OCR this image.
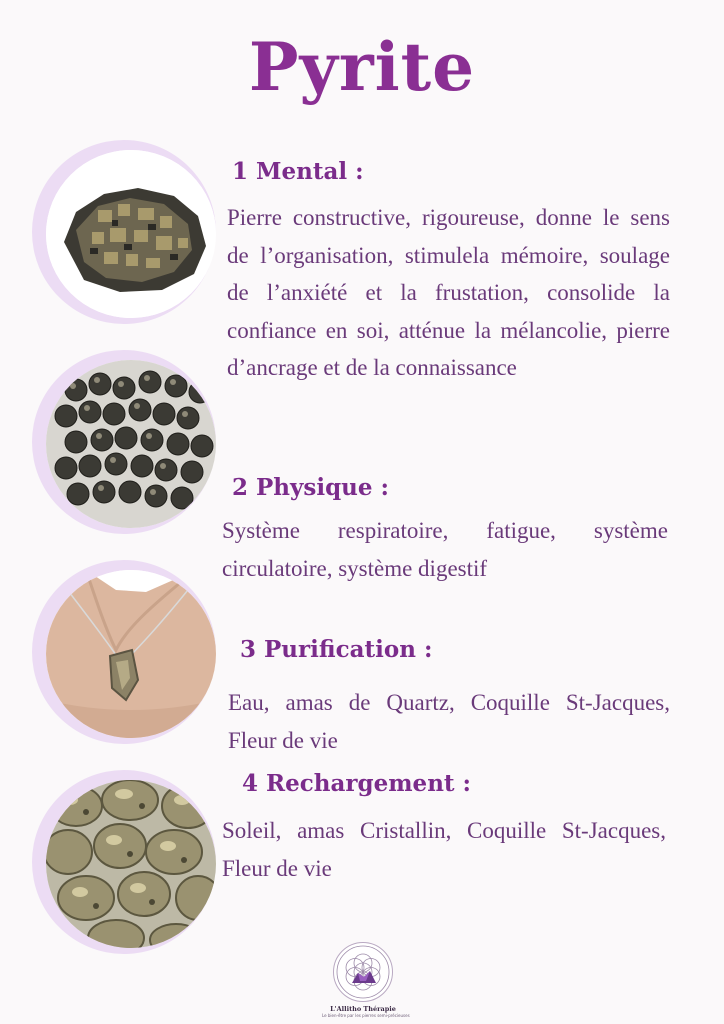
Pyrite
1 Mental :
Pierre constructive, rigoureuse, donne le sens de l’organisation, stimulela mémoire, soulage de l’anxiété et la frustation, consolide la confiance en soi, atténue la mélancolie, pierre d’ancrage et de la connaissance
2 Physique :
Système respiratoire, fatigue, système circulatoire, système digestif
3 Purification :
Eau, amas de Quartz, Coquille St-Jacques, Fleur de vie
4 Rechargement :
Soleil, amas Cristallin, Coquille St-Jacques, Fleur de vie
L'Allitho Thérapie
Le bien-être par les pierres semi-précieuses
